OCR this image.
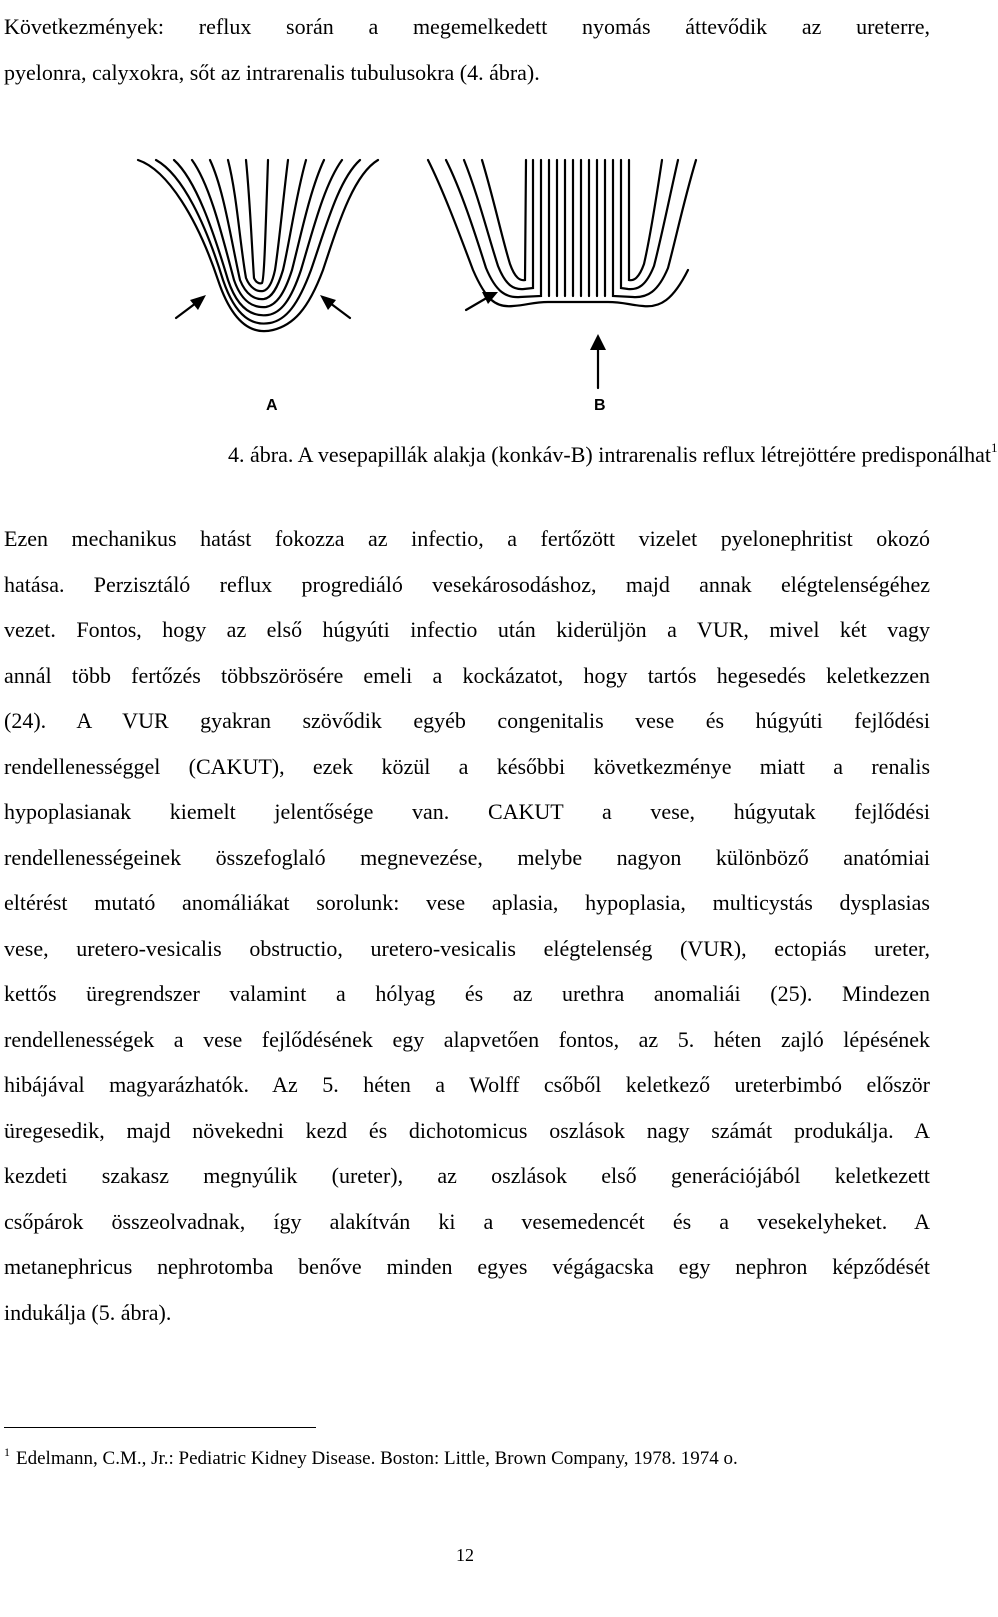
Következmények: reflux során a megemelkedett nyomás áttevődik az ureterre,
pyelonra, calyxokra, sőt az intrarenalis tubulusokra (4. ábra).
A	B
4. ábra. A vesepapillák alakja (konkáv-B) intrarenalis reflux létrejöttére predisponálhat$^1$
Ezen mechanikus hatást fokozza az infectio, a fertőzött vizelet pyelonephritist okozó
hatása. Perzisztáló reflux progrediáló vesekárosodáshoz, majd annak elégtelenségéhez
vezet. Fontos, hogy az első húgyúti infectio után kiderüljön a VUR, mivel két vagy
annál több fertőzés többszörösére emeli a kockázatot, hogy tartós hegesedés keletkezzen
(24). A VUR gyakran szövődik egyéb congenitalis vese és húgyúti fejlődési
rendellenességgel (CAKUT), ezek közül a későbbi következménye miatt a renalis
hypoplasianak kiemelt jelentősége van. CAKUT a vese, húgyutak fejlődési
rendellenességeinek összefoglaló megnevezése, melybe nagyon különböző anatómiai
eltérést mutató anomáliákat sorolunk: vese aplasia, hypoplasia, multicystás dysplasias
vese, uretero-vesicalis obstructio, uretero-vesicalis elégtelenség (VUR), ectopiás ureter,
kettős üregrendszer valamint a hólyag és az urethra anomaliái (25). Mindezen
rendellenességek a vese fejlődésének egy alapvetően fontos, az 5. héten zajló lépésének
hibájával magyarázhatók. Az 5. héten a Wolff csőből keletkező ureterbimbó először
üregesedik, majd növekedni kezd és dichotomicus oszlások nagy számát produkálja. A
kezdeti szakasz megnyúlik (ureter), az oszlások első generációjából keletkezett
csőpárok összeolvadnak, így alakítván ki a vesemedencét és a vesekelyheket. A
metanephricus nephrotomba benőve minden egyes végágacska egy nephron képződését
indukálja (5. ábra).
$^1$ Edelmann, C.M., Jr.: Pediatric Kidney Disease. Boston: Little, Brown Company, 1978. 1974 o.
12
